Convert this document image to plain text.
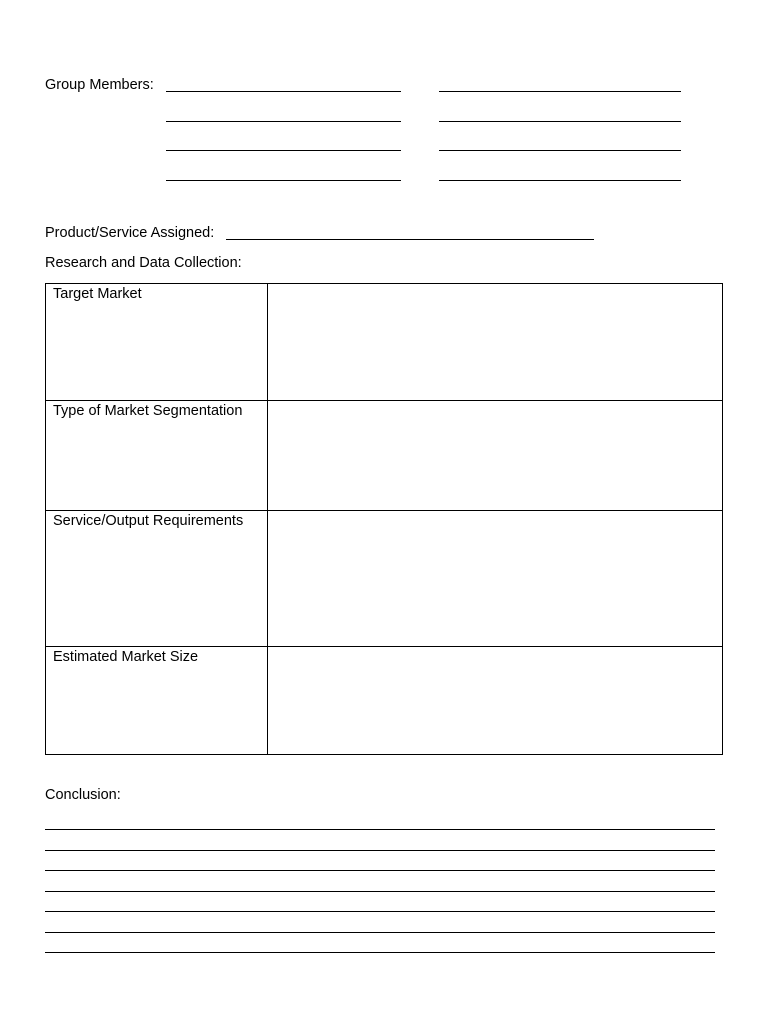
Group Members:
Product/Service Assigned:
Research and Data Collection:
Target Market	
Type of Market Segmentation	
Service/Output Requirements	
Estimated Market Size	
Conclusion:
